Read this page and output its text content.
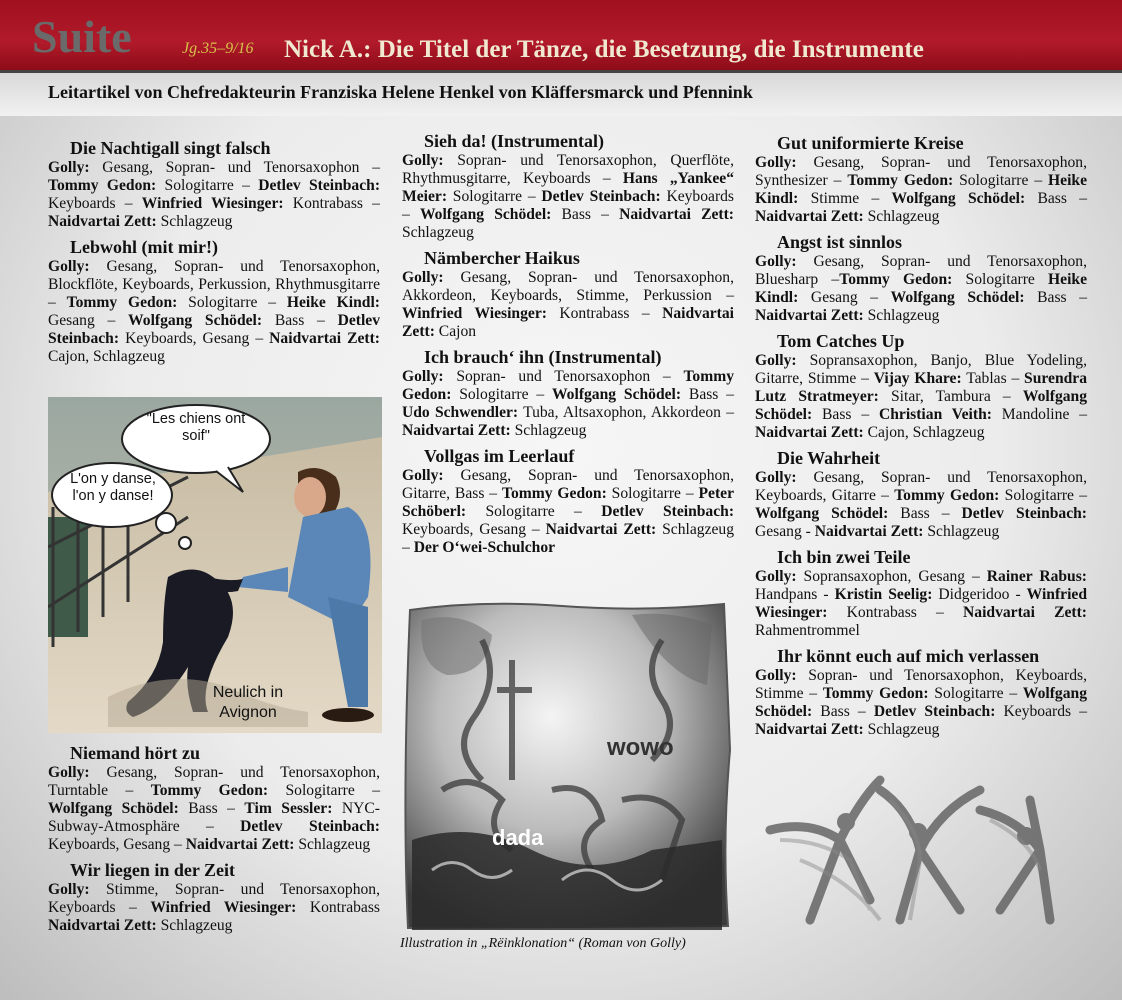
Suite	Jg.35–9/16 Nick A.: Die Titel der Tänze, die Besetzung, die Instrumente
Leitartikel von Chefredakteurin Franziska Helene Henkel von Kläffersmarck und Pfennink
Die Nachtigall singt falsch

Golly: Gesang, Sopran- und Tenorsaxophon – Tommy Gedon: Sologitarre – Detlev Steinbach: Keyboards – Winfried Wiesinger: Kontrabass – Naidvartai Zett: Schlagzeug

Lebwohl (mit mir!)

Golly: Gesang, Sopran- und Tenorsaxophon, Blockflöte, Keyboards, Perkussion, Rhythmusgitarre – Tommy Gedon: Sologitarre – Heike Kindl: Gesang – Wolfgang Schödel: Bass – Detlev Steinbach: Keyboards, Gesang – Naidvartai Zett: Cajon, Schlagzeug

"Les chiens ont soif"
L'on y danse, l'on y danse!
Neulich in Avignon
Niemand hört zu

Golly: Gesang, Sopran- und Tenorsaxophon, Turntable – Tommy Gedon: Sologitarre – Wolfgang Schödel: Bass – Tim Sessler: NYC-Subway-Atmosphäre – Detlev Steinbach: Keyboards, Gesang – Naidvartai Zett: Schlagzeug

Wir liegen in der Zeit

Golly: Stimme, Sopran- und Tenorsaxophon, Keyboards – Winfried Wiesinger: Kontrabass Naidvartai Zett: Schlagzeug

Sieh da! (Instrumental)

Golly: Sopran- und Tenorsaxophon, Querflöte, Rhythmusgitarre, Keyboards – Hans „Yankee“ Meier: Sologitarre – Detlev Steinbach: Keyboards – Wolfgang Schödel: Bass – Naidvartai Zett: Schlagzeug

Nämbercher Haikus

Golly: Gesang, Sopran- und Tenorsaxophon, Akkordeon, Keyboards, Stimme, Perkussion – Winfried Wiesinger: Kontrabass – Naidvartai Zett: Cajon

Ich brauch‘ ihn (Instrumental)

Golly: Sopran- und Tenorsaxophon – Tommy Gedon: Sologitarre – Wolfgang Schödel: Bass – Udo Schwendler: Tuba, Altsaxophon, Akkordeon – Naidvartai Zett: Schlagzeug

Vollgas im Leerlauf

Golly: Gesang, Sopran- und Tenorsaxophon, Gitarre, Bass – Tommy Gedon: Sologitarre – Peter Schöberl: Sologitarre – Detlev Steinbach: Keyboards, Gesang – Naidvartai Zett: Schlagzeug – Der O‘wei-Schulchor

dada
wowo
Illustration in „Rëinklonation“ (Roman von Golly)
Gut uniformierte Kreise

Golly: Gesang, Sopran- und Tenorsaxophon, Synthesizer – Tommy Gedon: Sologitarre – Heike Kindl: Stimme – Wolfgang Schödel: Bass – Naidvartai Zett: Schlagzeug

Angst ist sinnlos

Golly: Gesang, Sopran- und Tenorsaxophon, Bluesharp –Tommy Gedon: Sologitarre Heike Kindl: Gesang – Wolfgang Schödel: Bass – Naidvartai Zett: Schlagzeug

Tom Catches Up

Golly: Sopransaxophon, Banjo, Blue Yodeling, Gitarre, Stimme – Vijay Khare: Tablas – Surendra Lutz Stratmeyer: Sitar, Tambura – Wolfgang Schödel: Bass – Christian Veith: Mandoline – Naidvartai Zett: Cajon, Schlagzeug

Die Wahrheit

Golly: Gesang, Sopran- und Tenorsaxophon, Keyboards, Gitarre – Tommy Gedon: Sologitarre – Wolfgang Schödel: Bass – Detlev Steinbach: Gesang - Naidvartai Zett: Schlagzeug

Ich bin zwei Teile

Golly: Sopransaxophon, Gesang – Rainer Rabus: Handpans - Kristin Seelig: Didgeridoo - Winfried Wiesinger: Kontrabass – Naidvartai Zett: Rahmentrommel

Ihr könnt euch auf mich verlassen

Golly: Sopran- und Tenorsaxophon, Keyboards, Stimme – Tommy Gedon: Sologitarre – Wolfgang Schödel: Bass – Detlev Steinbach: Keyboards – Naidvartai Zett: Schlagzeug
